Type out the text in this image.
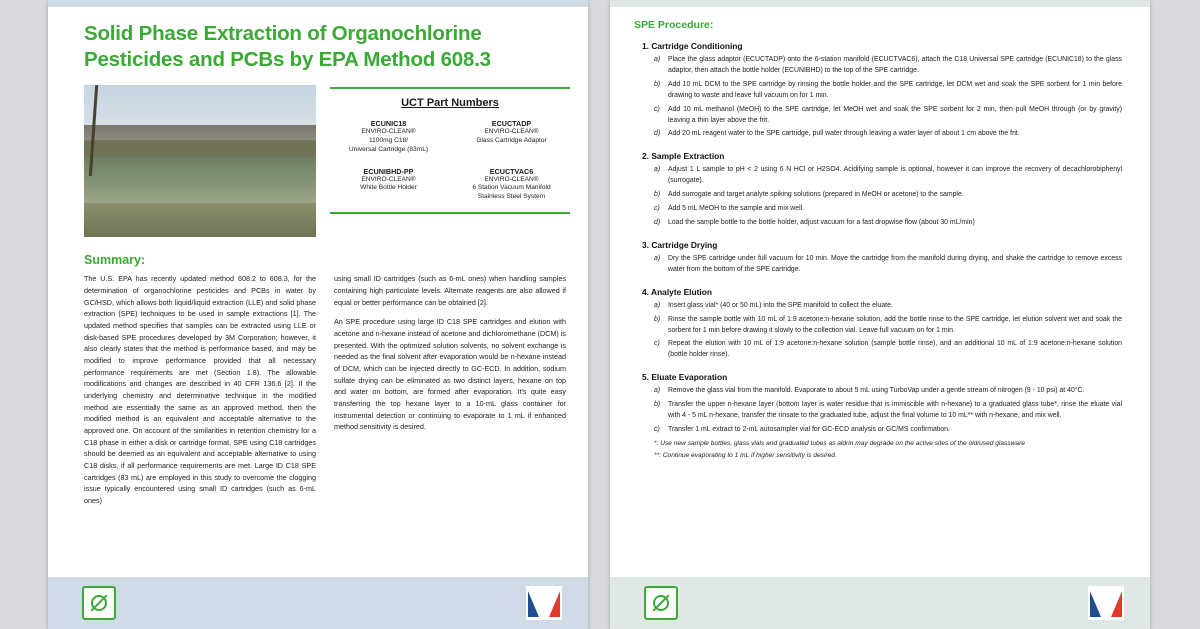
Solid Phase Extraction of Organochlorine Pesticides and PCBs by EPA Method 608.3
UCT Part Numbers
ECUNIC18
ENVIRO-CLEAN®
1100mg C18/
Universal Cartridge (83mL)
ECUCTADP
ENVIRO-CLEAN®
Glass Cartridge Adaptor
ECUNIBHD-PP
ENVIRO-CLEAN®
White Bottle Holder
ECUCTVAC6
ENVIRO-CLEAN®
6 Station Vacuum Manifold
Stainless Steel System
Summary:

The U.S. EPA has recently updated method 608.2 to 608.3, for the determination of organochlorine pesticides and PCBs in water by GC/HSD, which allows both liquid/liquid extraction (LLE) and solid phase extraction (SPE) techniques to be used in sample extractions [1]. The updated method specifies that samples can be extracted using LLE or disk-based SPE procedures developed by 3M Corporation; however, it also clearly states that the method is performance based, and may be modified to improve performance provided that all necessary performance requirements are met (Section 1.8). The allowable modifications and changes are described in 40 CFR 136.6 [2]. If the underlying chemistry and determinative technique in the modified method are essentially the same as an approved method, then the modified method is an equivalent and acceptable alternative to the approved one. On account of the similarities in retention chemistry for a C18 phase in either a disk or cartridge format, SPE using C18 cartridges should be deemed as an equivalent and acceptable alternative to using C18 disks, if all performance requirements are met. Large ID C18 SPE cartridges (83 mL) are employed in this study to overcome the clogging issue typically encountered using small ID cartridges (such as 6-mL ones)

using small ID cartridges (such as 6-mL ones) when handling samples containing high particulate levels. Alternate reagents are also allowed if equal or better performance can be obtained [2].

An SPE procedure using large ID C18 SPE cartridges and elution with acetone and n-hexane instead of acetone and dichloromethane (DCM) is presented. With the optimized solution solvents, no solvent exchange is needed as the final solvent after evaporation would be n-hexane instead of DCM, which can be injected directly to GC-ECD. In addition, sodium sulfate drying can be eliminated as two distinct layers, hexane on top and water on bottom, are formed after evaporation. It's quite easy transferring the top hexane layer to a 10-mL glass container for instrumental detection or continuing to evaporate to 1 mL if enhanced method sensitivity is desired.

SPE Procedure:
1. Cartridge Conditioning
a) Place the glass adaptor (ECUCTADP) onto the 6-station manifold (ECUCTVAC6), attach the C18 Universal SPE cartridge (ECUNIC18) to the glass adaptor, then attach the bottle holder (ECUNIBHD) to the top of the SPE cartridge.
b) Add 10 mL DCM to the SPE cartridge by rinsing the bottle holder and the SPE cartridge, let DCM wet and soak the SPE sorbent for 1 min before drawing to waste and leave full vacuum on for 1 min.
c) Add 10 mL methanol (MeOH) to the SPE cartridge, let MeOH wet and soak the SPE sorbent for 2 min, then pull MeOH through (or by gravity) leaving a thin layer above the frit.
d) Add 20 mL reagent water to the SPE cartridge, pull water through leaving a water layer of about 1 cm above the frit.
2. Sample Extraction
a) Adjust 1 L sample to pH < 2 using 6 N HCl or H2SO4. Acidifying sample is optional, however it can improve the recovery of decachlorobiphenyl (surrogate).
b) Add surrogate and target analyte spiking solutions (prepared in MeOH or acetone) to the sample.
c) Add 5 mL MeOH to the sample and mix well.
d) Load the sample bottle to the bottle holder, adjust vacuum for a fast dropwise flow (about 30 mL/min)
3. Cartridge Drying
a) Dry the SPE cartridge under full vacuum for 10 min. Move the cartridge from the manifold during drying, and shake the cartridge to remove excess water from the bottom of the SPE cartridge.
4. Analyte Elution
a) Insert glass vial* (40 or 50 mL) into the SPE manifold to collect the eluate.
b) Rinse the sample bottle with 10 mL of 1:9 acetone:n-hexane solution, add the bottle rinse to the SPE cartridge, let elution solvent wet and soak the sorbent for 1 min before drawing it slowly to the collection vial. Leave full vacuum on for 1 min.
c) Repeat the elution with 10 mL of 1:9 acetone:n-hexane solution (sample bottle rinse), and an additional 10 mL of 1:9 acetone:n-hexane solution (bottle holder rinse).
5. Eluate Evaporation
a) Remove the glass vial from the manifold. Evaporate to about 5 mL using TurboVap under a gentle stream of nitrogen (9 - 10 psi) at 40°C.
b) Transfer the upper n-hexane layer (bottom layer is water residue that is immiscible with n-hexane) to a graduated glass tube*, rinse the eluate vial with 4 - 5 mL n-hexane, transfer the rinsate to the graduated tube, adjust the final volume to 10 mL** with n-hexane, and mix well.
c) Transfer 1 mL extract to 2-mL autosampler vial for GC-ECD analysis or GC/MS confirmation.
*: Use new sample bottles, glass vials and graduated tubes as aldrin may degrade on the active sites of the old/used glassware
**: Continue evaporating to 1 mL if higher sensitivity is desired.
